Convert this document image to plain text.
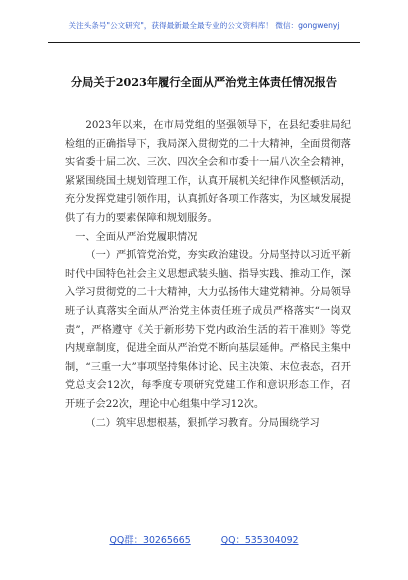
关注头条号"公文研究"，获得最新最全最专业的公文资料库！ 微信：gongwenyj
分局关于2023年履行全面从严治党主体责任情况报告

2023年以来，在市局党组的坚强领导下，在县纪委驻局纪检组的正确指导下，我局深入贯彻党的二十大精神，全面贯彻落实省委十届二次、三次、四次全会和市委十一届八次全会精神，紧紧围绕国土规划管理工作，认真开展机关纪律作风整顿活动，充分发挥党建引领作用，认真抓好各项工作落实，为区域发展提供了有力的要素保障和规划服务。

一、全面从严治党履职情况

（一）严抓管党治党，夯实政治建设。分局坚持以习近平新时代中国特色社会主义思想武装头脑、指导实践、推动工作，深入学习贯彻党的二十大精神，大力弘扬伟大建党精神。分局领导班子认真落实全面从严治党主体责任班子成员严格落实“一岗双责”，严格遵守《关于新形势下党内政治生活的若干准则》等党内规章制度，促进全面从严治党不断向基层延伸。严格民主集中制，“三重一大”事项坚持集体讨论、民主决策、末位表态，召开党总支会12次，每季度专项研究党建工作和意识形态工作，召开班子会22次，理论中心组集中学习12次。

（二）筑牢思想根基，狠抓学习教育。分局围绕学习

QQ群：30265665	QQ：535304092
